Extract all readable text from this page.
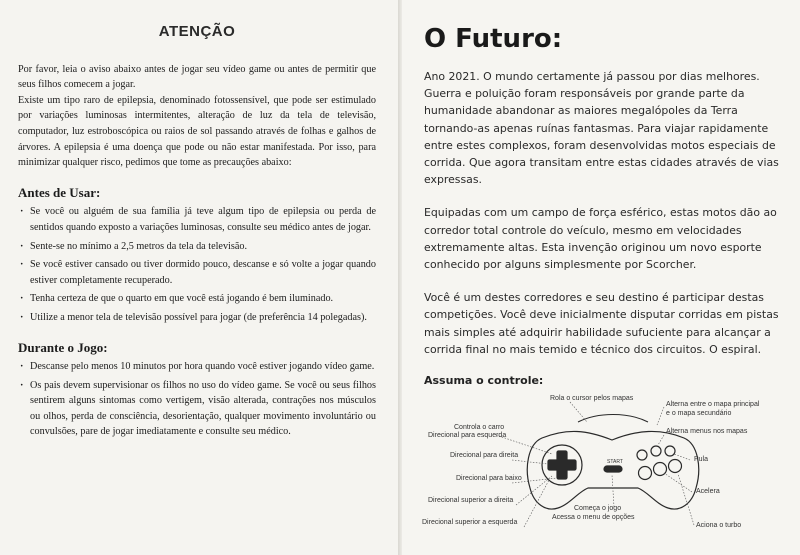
ATENÇÃO

Por favor, leia o aviso abaixo antes de jogar seu vídeo game ou antes de permitir que seus filhos comecem a jogar.

Existe um tipo raro de epilepsia, denominado fotossensível, que pode ser estimulado por variações luminosas intermitentes, alteração de luz da tela de televisão, computador, luz estroboscópica ou raios de sol passando através de folhas e galhos de árvores. A epilepsia é uma doença que pode ou não estar manifestada. Por isso, para minimizar qualquer risco, pedimos que tome as precauções abaixo:

Antes de Usar:
· Se você ou alguém de sua família já teve algum tipo de epilepsia ou perda de sentidos quando exposto a variações luminosas, consulte seu médico antes de jogar.
· Sente-se no mínimo a 2,5 metros da tela da televisão.
· Se você estiver cansado ou tiver dormido pouco, descanse e só volte a jogar quando estiver completamente recuperado.
· Tenha certeza de que o quarto em que você está jogando é bem iluminado.
· Utilize a menor tela de televisão possível para jogar (de preferência 14 polegadas).
Durante o Jogo:
· Descanse pelo menos 10 minutos por hora quando você estiver jogando vídeo game.
· Os pais devem supervisionar os filhos no uso do vídeo game. Se você ou seus filhos sentirem alguns sintomas como vertigem, visão alterada, contrações nos músculos ou olhos, perda de consciência, desorientação, qualquer movimento involuntário ou convulsões, pare de jogar imediatamente e consulte seu médico.
O Futuro:

Ano 2021. O mundo certamente já passou por dias melhores. Guerra e poluição foram responsáveis por grande parte da humanidade abandonar as maiores megalópoles da Terra tornando-as apenas ruínas fantasmas. Para viajar rapidamente entre estes complexos, foram desenvolvidas motos especiais de corrida. Que agora transitam entre estas cidades através de vias expressas.

Equipadas com um campo de força esférico, estas motos dão ao corredor total controle do veículo, mesmo em velocidades extremamente altas. Esta invenção originou um novo esporte conhecido por alguns simplesmente por Scorcher.

Você é um destes corredores e seu destino é participar destas competições. Você deve inicialmente disputar corridas em pistas mais simples até adquirir habilidade sufuciente para alcançar a corrida final no mais temido e técnico dos circuitos. O espiral.

Assuma o controle:
START
Controla o carro
Direcional para esquerda
Direcional para direita
Direcional para baixo
Direcional superior a direita
Direcional superior a esquerda
Rola o cursor pelos mapas
Alterna entre o mapa principal
e o mapa secundário
Alterna menus nos mapas
Pula
Acelera
Aciona o turbo
Começa o jogo
Acessa o menu de opções
